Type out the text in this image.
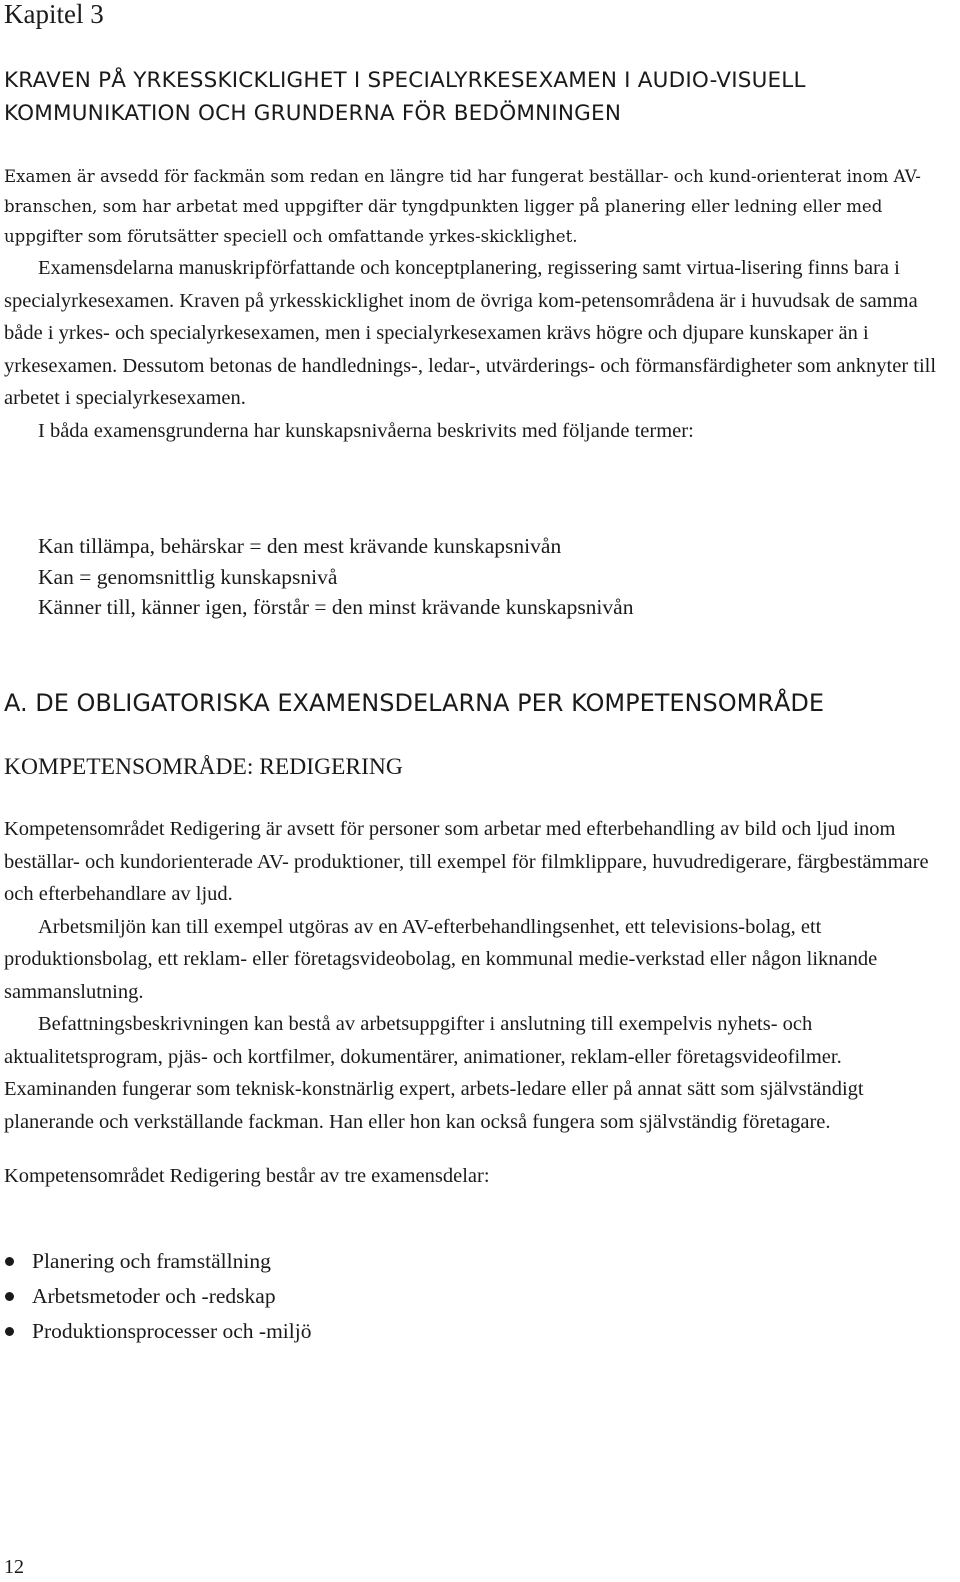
Kapitel 3
KRAVEN PÅ YRKESSKICKLIGHET I SPECIALYRKESEXAMEN I AUDIO-VISUELL KOMMUNIKATION OCH GRUNDERNA FÖR BEDÖMNINGEN

Examen är avsedd för fackmän som redan en längre tid har fungerat beställar- och kund-orienterat inom AV-branschen, som har arbetat med uppgifter där tyngdpunkten ligger på planering eller ledning eller med uppgifter som förutsätter speciell och omfattande yrkes-skicklighet.

Examensdelarna manuskripförfattande och konceptplanering, regissering samt virtua-lisering finns bara i specialyrkesexamen. Kraven på yrkesskicklighet inom de övriga kom-petensområdena är i huvudsak de samma både i yrkes- och specialyrkesexamen, men i specialyrkesexamen krävs högre och djupare kunskaper än i yrkesexamen. Dessutom betonas de handlednings-, ledar-, utvärderings- och förmansfärdigheter som anknyter till arbetet i specialyrkesexamen.

I båda examensgrunderna har kunskapsnivåerna beskrivits med följande termer:

Kan tillämpa, behärskar = den mest krävande kunskapsnivån
Kan = genomsnittlig kunskapsnivå
Känner till, känner igen, förstår = den minst krävande kunskapsnivån
A. DE OBLIGATORISKA EXAMENSDELARNA PER KOMPETENSOMRÅDE
KOMPETENSOMRÅDE: REDIGERING

Kompetensområdet Redigering är avsett för personer som arbetar med efterbehandling av bild och ljud inom beställar- och kundorienterade AV- produktioner, till exempel för filmklippare, huvudredigerare, färgbestämmare och efterbehandlare av ljud.

Arbetsmiljön kan till exempel utgöras av en AV-efterbehandlingsenhet, ett televisions-bolag, ett produktionsbolag, ett reklam- eller företagsvideobolag, en kommunal medie-verkstad eller någon liknande sammanslutning.

Befattningsbeskrivningen kan bestå av arbetsuppgifter i anslutning till exempelvis nyhets- och aktualitetsprogram, pjäs- och kortfilmer, dokumentärer, animationer, reklam-eller företagsvideofilmer. Examinanden fungerar som teknisk-konstnärlig expert, arbets-ledare eller på annat sätt som självständigt planerande och verkställande fackman. Han eller hon kan också fungera som självständig företagare.

Kompetensområdet Redigering består av tre examensdelar:

Planering och framställning
Arbetsmetoder och -redskap
Produktionsprocesser och -miljö
12
